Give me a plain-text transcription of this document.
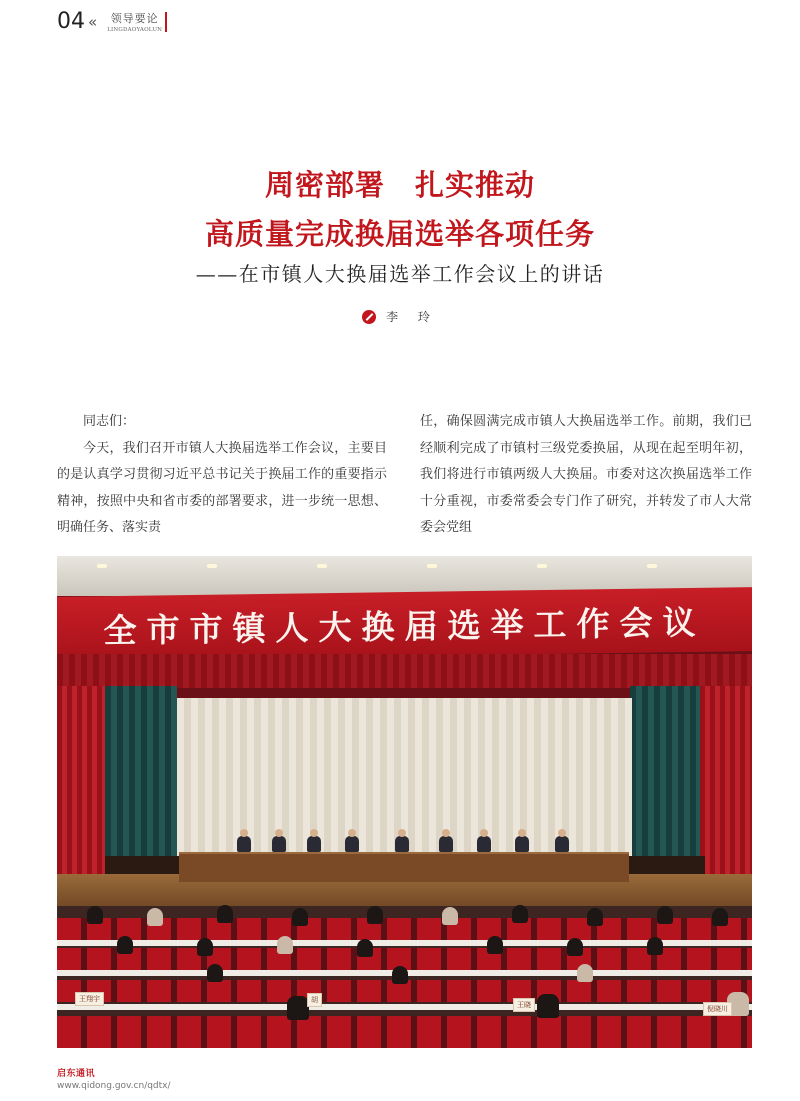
04 « 领导要论
LINGDAOYAOLUN
周密部署　扎实推动
高质量完成换届选举各项任务
——在市镇人大换届选举工作会议上的讲话
李 玲

同志们：

今天，我们召开市镇人大换届选举工作会议，主要目的是认真学习贯彻习近平总书记关于换届工作的重要指示精神，按照中央和省市委的部署要求，进一步统一思想、明确任务、落实责

任，确保圆满完成市镇人大换届选举工作。前期，我们已经顺利完成了市镇村三级党委换届，从现在起至明年初，我们将进行市镇两级人大换届。市委对这次换届选举工作十分重视，市委常委会专门作了研究，并转发了市人大常委会党组

全市市镇人大换届选举工作会议
王翔宇
王晓
胡
倪晓川
启东通讯
www.qidong.gov.cn/qdtx/
